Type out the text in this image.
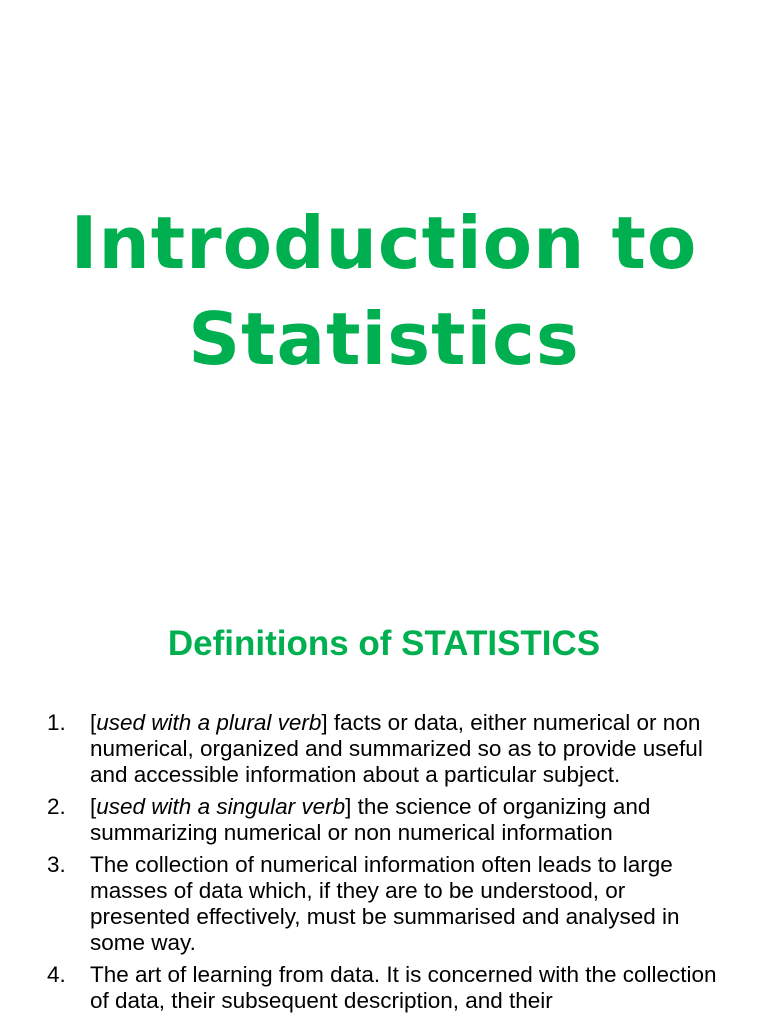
Introduction to
Statistics
Definitions of STATISTICS
1. [used with a plural verb] facts or data, either numerical or non numerical, organized and summarized so as to provide useful and accessible information about a particular subject.
2. [used with a singular verb] the science of organizing and summarizing numerical or non numerical information
3. The collection of numerical information often leads to large masses of data which, if they are to be understood, or presented effectively, must be summarised and analysed in some way.
4. The art of learning from data. It is concerned with the collection of data, their subsequent description, and their
